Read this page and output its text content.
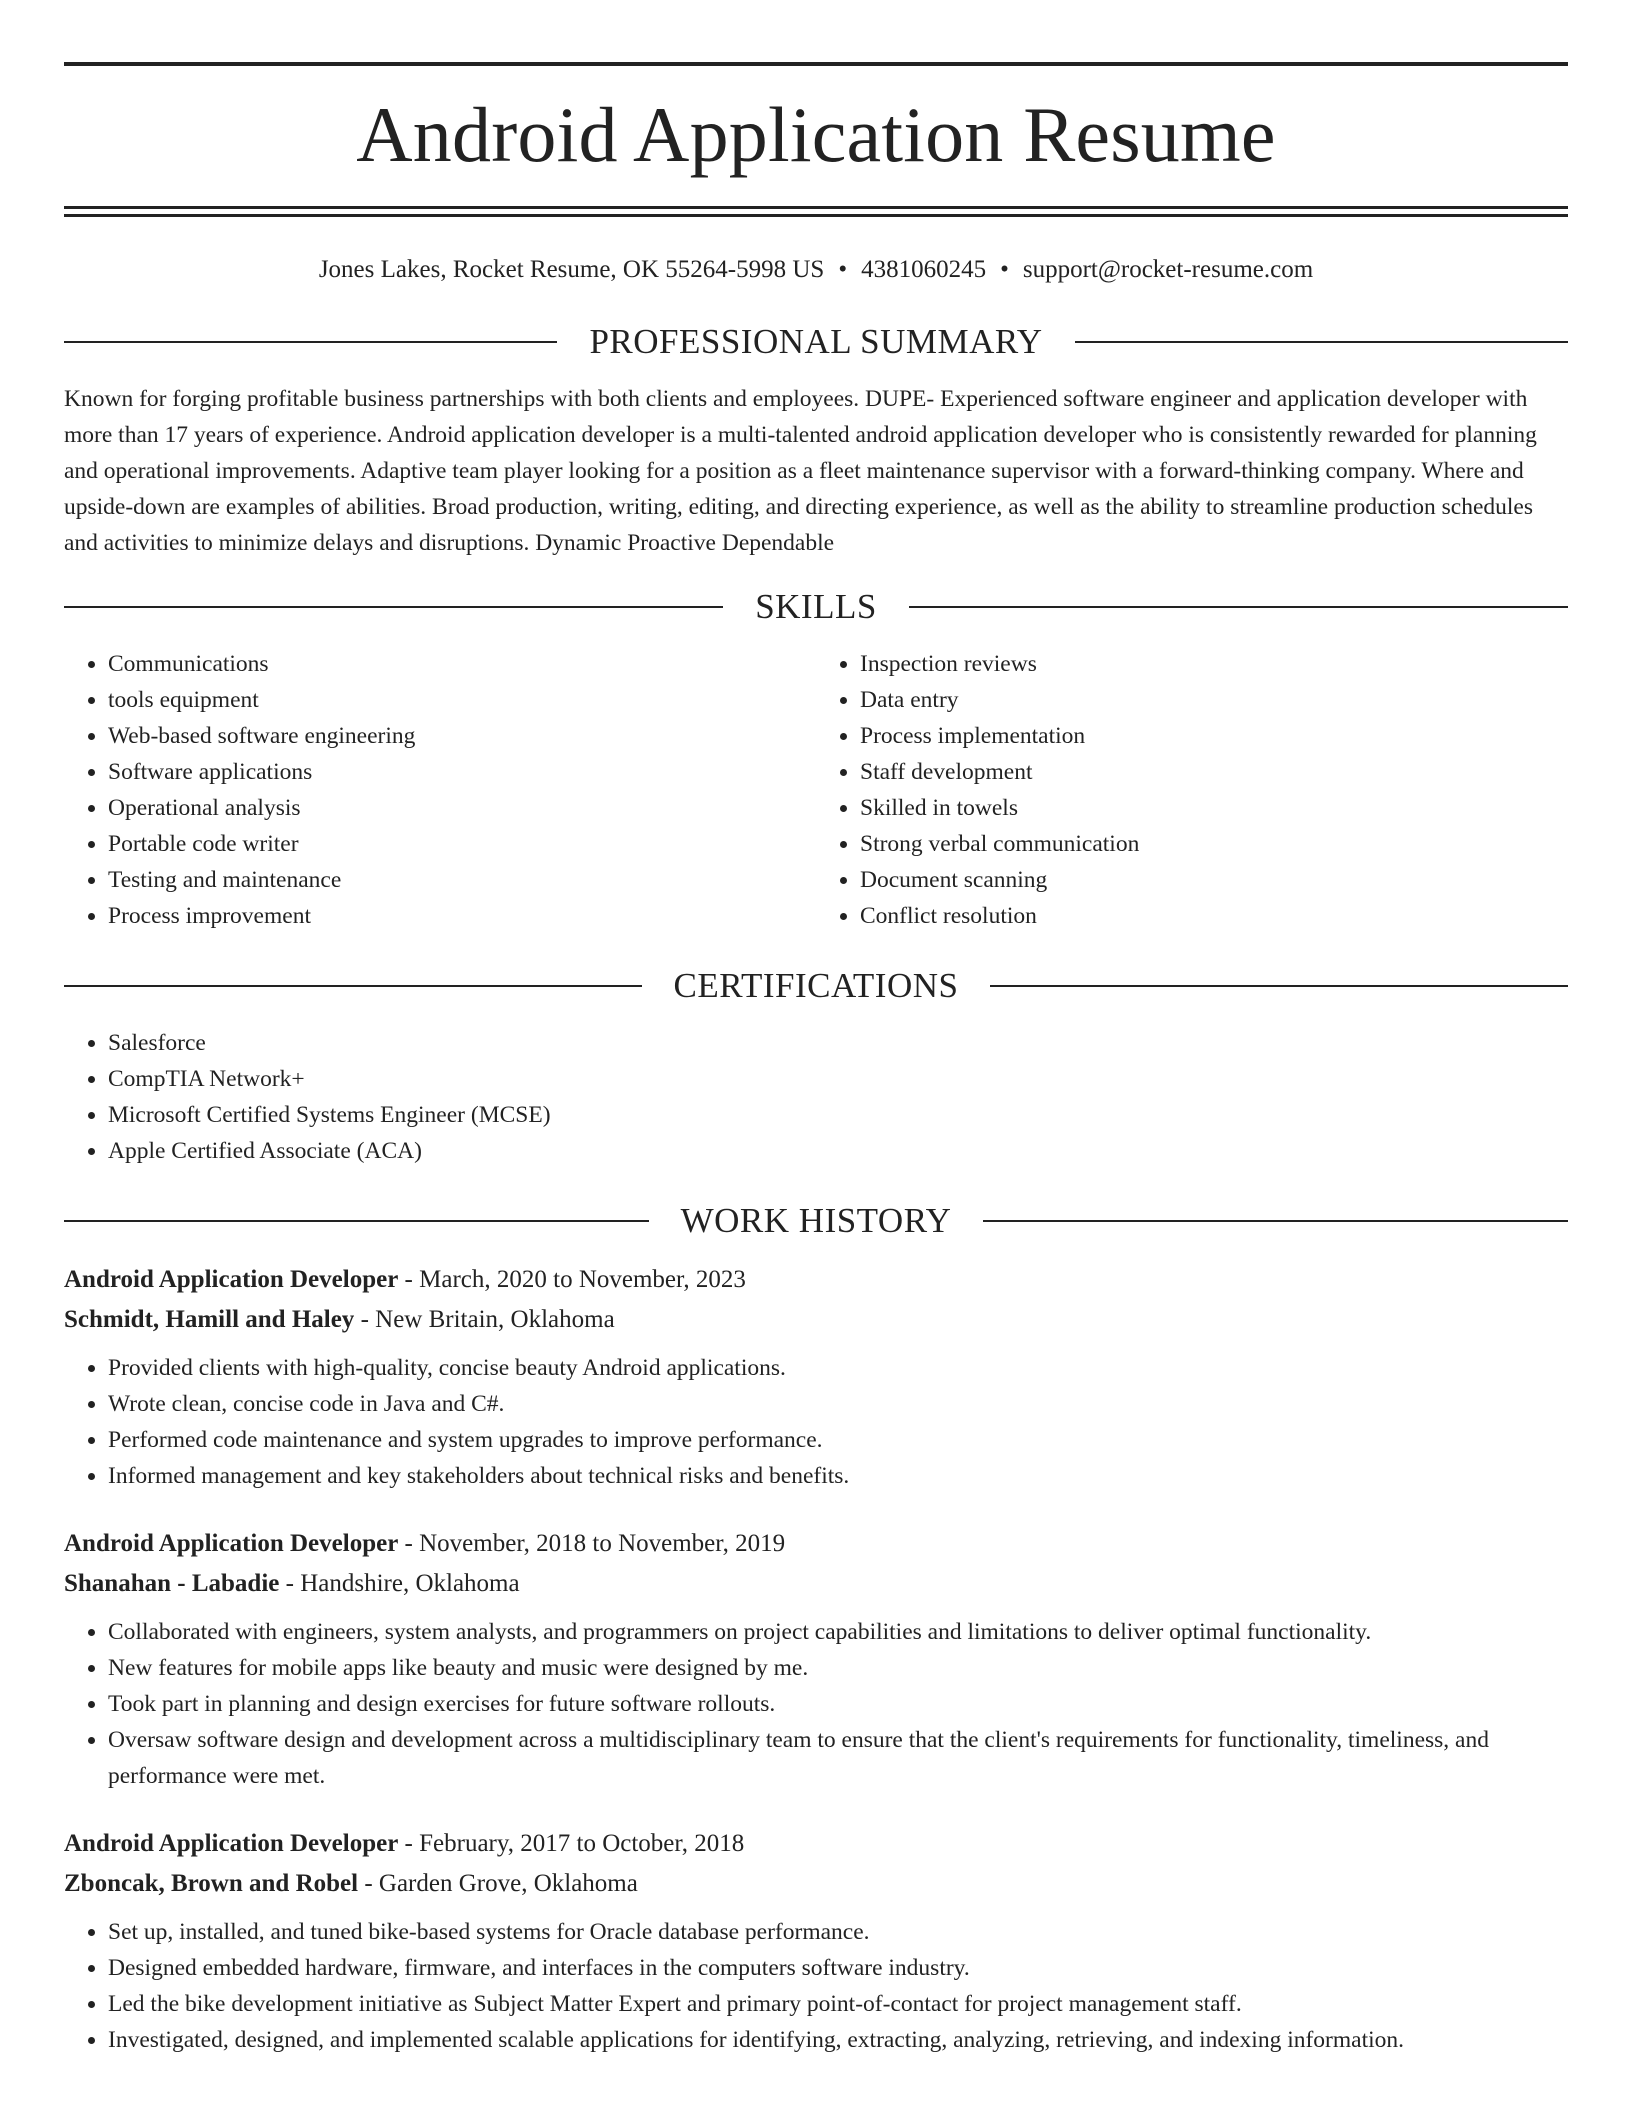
Android Application Resume
Jones Lakes, Rocket Resume, OK 55264-5998 US • 4381060245 • support@rocket-resume.com
PROFESSIONAL SUMMARY
Known for forging profitable business partnerships with both clients and employees. DUPE- Experienced software engineer and application developer with more than 17 years of experience. Android application developer is a multi-talented android application developer who is consistently rewarded for planning and operational improvements. Adaptive team player looking for a position as a fleet maintenance supervisor with a forward-thinking company. Where and upside-down are examples of abilities. Broad production, writing, editing, and directing experience, as well as the ability to streamline production schedules and activities to minimize delays and disruptions. Dynamic Proactive Dependable
SKILLS
• Communications
• tools equipment
• Web-based software engineering
• Software applications
• Operational analysis
• Portable code writer
• Testing and maintenance
• Process improvement
• Inspection reviews
• Data entry
• Process implementation
• Staff development
• Skilled in towels
• Strong verbal communication
• Document scanning
• Conflict resolution
CERTIFICATIONS
• Salesforce
• CompTIA Network+
• Microsoft Certified Systems Engineer (MCSE)
• Apple Certified Associate (ACA)
WORK HISTORY
Android Application Developer - March, 2020 to November, 2023
Schmidt, Hamill and Haley - New Britain, Oklahoma
• Provided clients with high-quality, concise beauty Android applications.
• Wrote clean, concise code in Java and C#.
• Performed code maintenance and system upgrades to improve performance.
• Informed management and key stakeholders about technical risks and benefits.
Android Application Developer - November, 2018 to November, 2019
Shanahan - Labadie - Handshire, Oklahoma
• Collaborated with engineers, system analysts, and programmers on project capabilities and limitations to deliver optimal functionality.
• New features for mobile apps like beauty and music were designed by me.
• Took part in planning and design exercises for future software rollouts.
• Oversaw software design and development across a multidisciplinary team to ensure that the client's requirements for functionality, timeliness, and performance were met.
Android Application Developer - February, 2017 to October, 2018
Zboncak, Brown and Robel - Garden Grove, Oklahoma
• Set up, installed, and tuned bike-based systems for Oracle database performance.
• Designed embedded hardware, firmware, and interfaces in the computers software industry.
• Led the bike development initiative as Subject Matter Expert and primary point-of-contact for project management staff.
• Investigated, designed, and implemented scalable applications for identifying, extracting, analyzing, retrieving, and indexing information.
